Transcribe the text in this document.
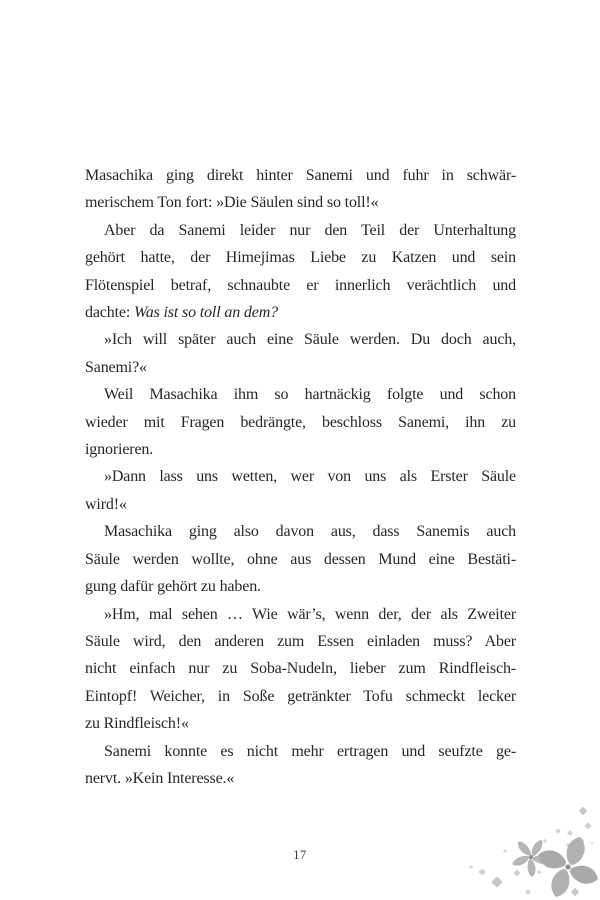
Masachika ging direkt hinter Sanemi und fuhr in schwär-
merischem Ton fort: »Die Säulen sind so toll!«
Aber da Sanemi leider nur den Teil der Unterhaltung
gehört hatte, der Himejimas Liebe zu Katzen und sein
Flötenspiel betraf, schnaubte er innerlich verächtlich und
dachte: Was ist so toll an dem?
»Ich will später auch eine Säule werden. Du doch auch,
Sanemi?«
Weil Masachika ihm so hartnäckig folgte und schon
wieder mit Fragen bedrängte, beschloss Sanemi, ihn zu
ignorieren.
»Dann lass uns wetten, wer von uns als Erster Säule
wird!«
Masachika ging also davon aus, dass Sanemis auch
Säule werden wollte, ohne aus dessen Mund eine Bestäti-
gung dafür gehört zu haben.
»Hm, mal sehen … Wie wär’s, wenn der, der als Zweiter
Säule wird, den anderen zum Essen einladen muss? Aber
nicht einfach nur zu Soba-Nudeln, lieber zum Rindfleisch-
Eintopf! Weicher, in Soße getränkter Tofu schmeckt lecker
zu Rindfleisch!«
Sanemi konnte es nicht mehr ertragen und seufzte ge-
nervt. »Kein Interesse.«
17
